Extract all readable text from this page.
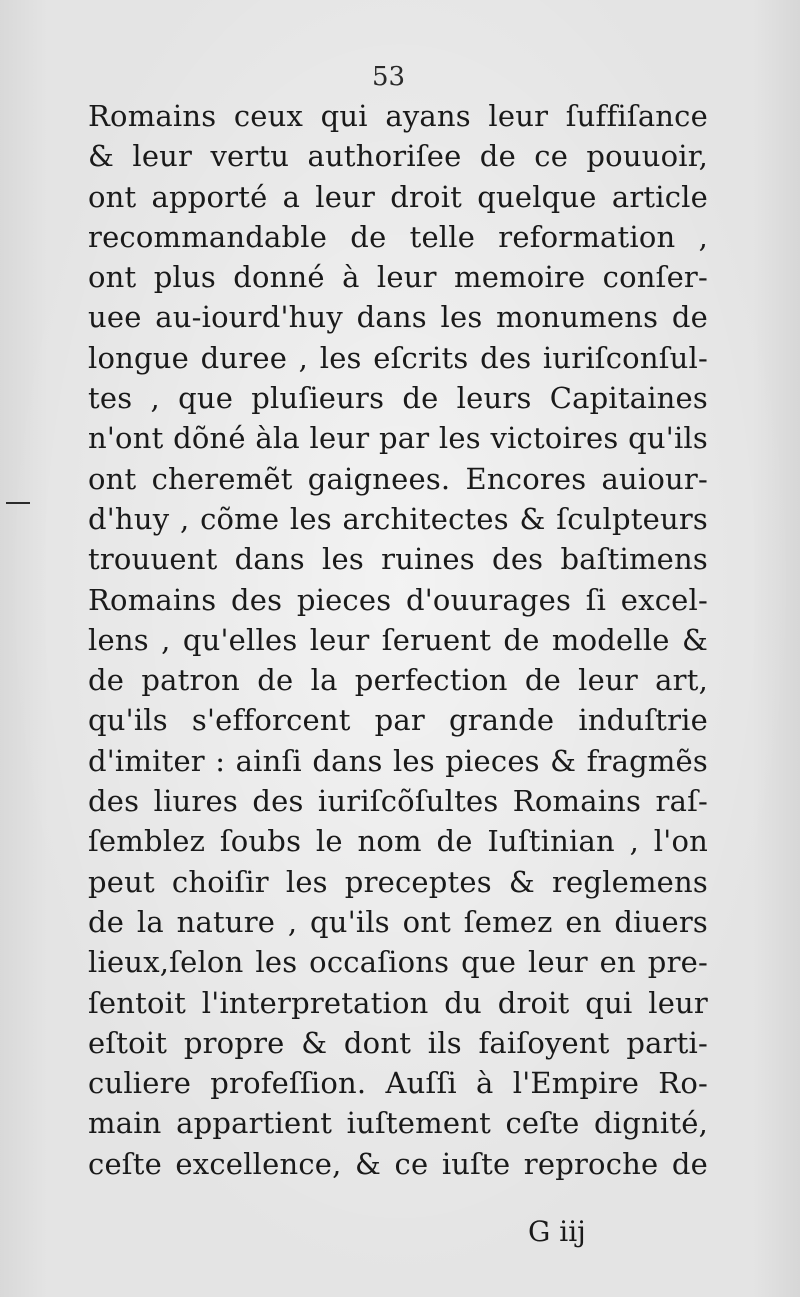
53
Romains ceux qui ayans leur ſuffiſance
& leur vertu authoriſee de ce pouuoir,
ont apporté a leur droit quelque article
recommandable de telle reformation ,
ont plus donné à leur memoire conſer-
uee au-iourd'huy dans les monumens de
longue duree , les eſcrits des iuriſconſul-
tes , que pluſieurs de leurs Capitaines
n'ont dõné àla leur par les victoires qu'ils
ont cheremẽt gaignees. Encores auiour-
d'huy , cõme les architectes & ſculpteurs
trouuent dans les ruines des baſtimens
Romains des pieces d'ouurages ſi excel-
lens , qu'elles leur ſeruent de modelle &
de patron de la perfection de leur art,
qu'ils s'efforcent par grande induſtrie
d'imiter : ainſi dans les pieces & fragmẽs
des liures des iuriſcõſultes Romains raſ-
ſemblez ſoubs le nom de Iuſtinian , l'on
peut choiſir les preceptes & reglemens
de la nature , qu'ils ont ſemez en diuers
lieux,ſelon les occaſions que leur en pre-
ſentoit l'interpretation du droit qui leur
eſtoit propre & dont ils faiſoyent parti-
culiere profeſſion. Auſſi à l'Empire Ro-
main appartient iuſtement ceſte dignité,
ceſte excellence, & ce iuſte reproche de
G iij
